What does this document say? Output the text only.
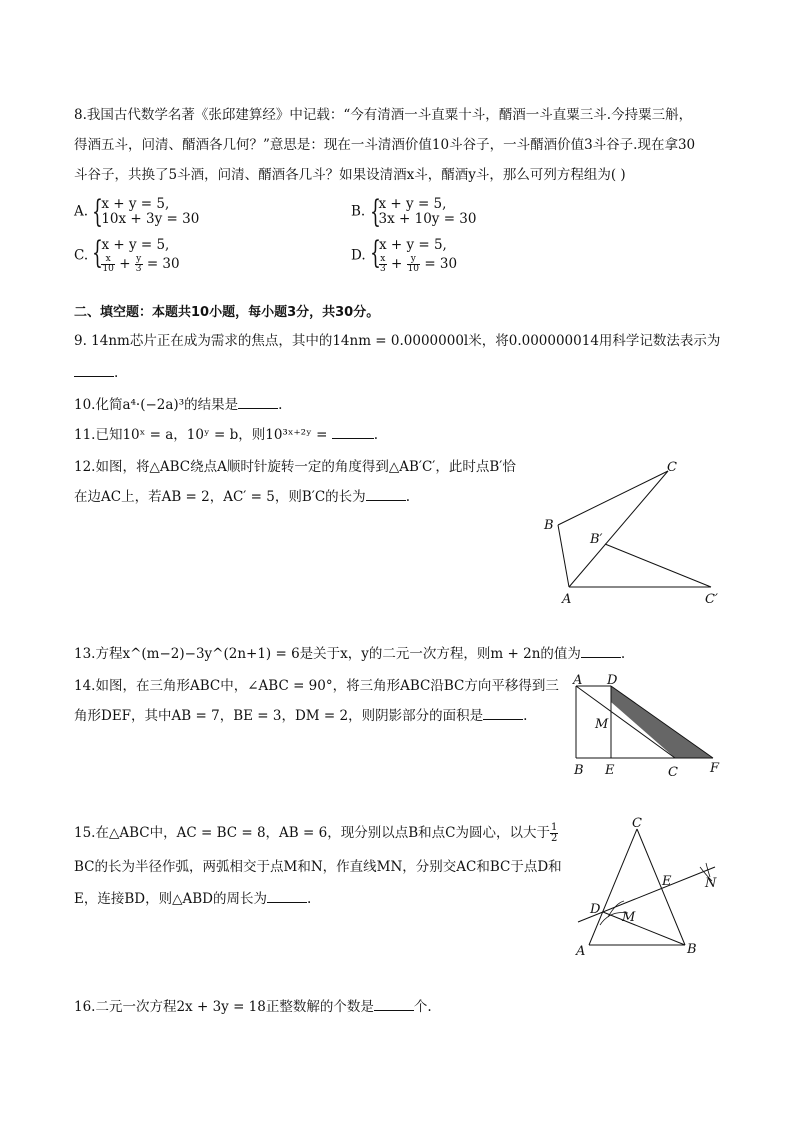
8.我国古代数学名著《张邱建算经》中记载：“今有清酒一斗直粟十斗，醑酒一斗直粟三斗.今持粟三斛，
得酒五斗，问清、醑酒各几何？”意思是：现在一斗清酒价值10斗谷子，一斗醑酒价值3斗谷子.现在拿30
斗谷子，共换了5斗酒，问清、醑酒各几斗？如果设清酒x斗，醑酒y斗，那么可列方程组为( )
A. {
x + y = 5,
10x + 3y = 30	B. {
x + y = 5,
3x + 10y = 30
C. {
x + y = 5,
$\frac{x}{10} + \frac{y}{3} = 30$
D. {
x + y = 5,
$\frac{x}{3} + \frac{y}{10} = 30$
二、填空题：本题共10小题，每小题3分，共30分。
9. 14nm芯片正在成为需求的焦点，其中的14nm = 0.0000000l米，将0.000000014用科学记数法表示为
.
10.化简a⁴·(−2a)³的结果是	.
11.已知10ˣ = a，10ʸ = b，则10³ˣ⁺²ʸ =	.
12.如图，将△ABC绕点A顺时针旋转一定的角度得到△AB′C′，此时点B′恰
在边AC上，若AB = 2，AC′ = 5，则B′C的长为	.
C
B
B′
A	C′
13.方程x^(m−2)−3y^(2n+1) = 6是关于x，y的二元一次方程，则m + 2n的值为	.
14.如图，在三角形ABC中，∠ABC = 90°，将三角形ABC沿BC方向平移得到三
角形DEF，其中AB = 7，BE = 3，DM = 2，则阴影部分的面积是	.
A D
M
B E	C F
15.在△ABC中，AC = BC = 8，AB = 6，现分别以点B和点C为圆心，以大于 $\frac{1}{2}$
BC的长为半径作弧，两弧相交于点M和N，作直线MN，分别交AC和BC于点D和
E，连接BD，则△ABD的周长为	.
C
E	N
D
M
A	B
16.二元一次方程2x + 3y = 18正整数解的个数是	个.
